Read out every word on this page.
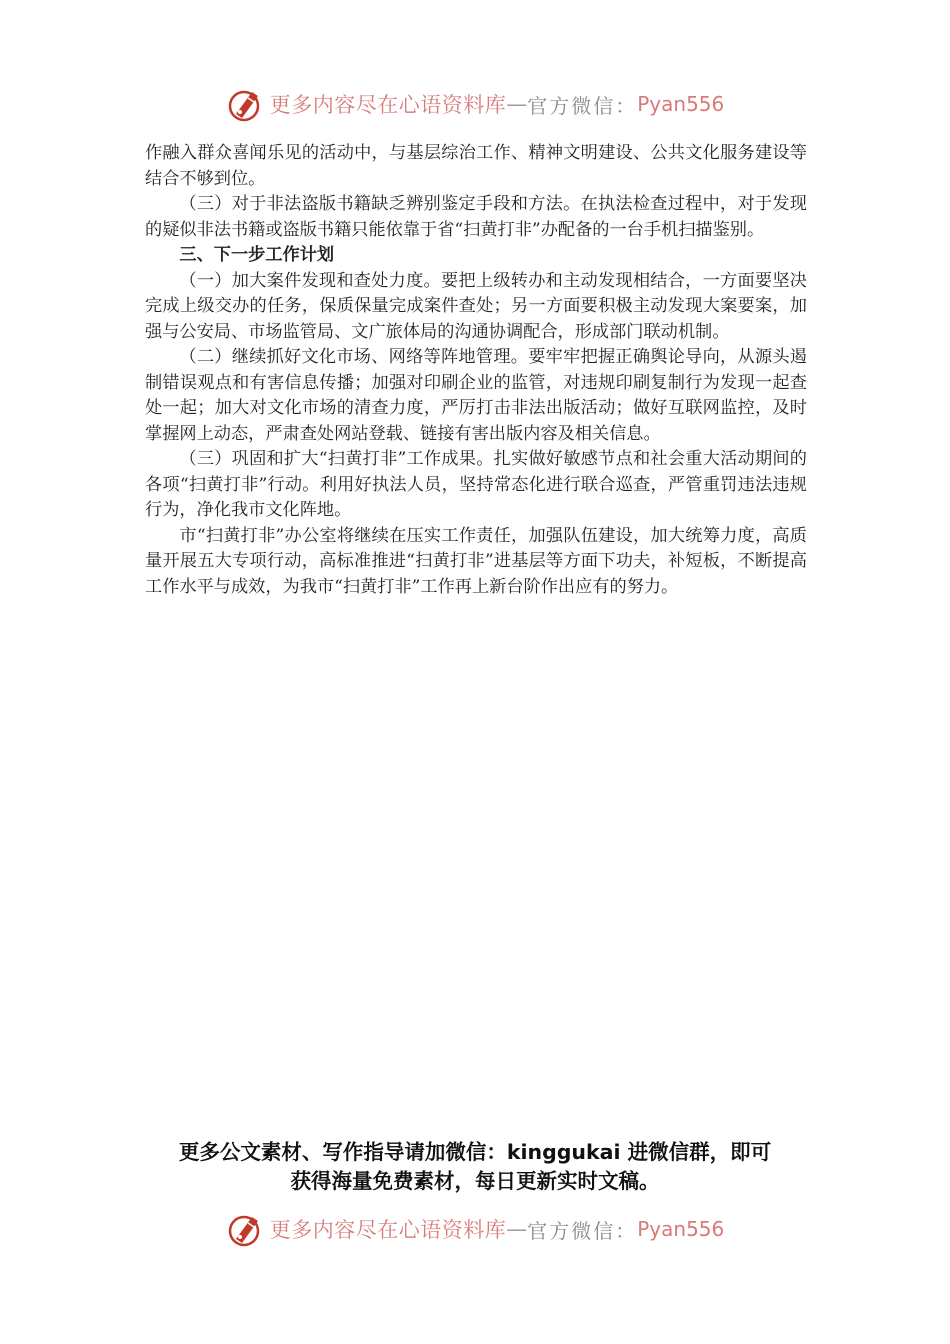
更多内容尽在心语资料库 — 官方微信： Pyan556

作融入群众喜闻乐见的活动中，与基层综治工作、精神文明建设、公共文化服务建设等结合不够到位。

（三）对于非法盗版书籍缺乏辨别鉴定手段和方法。在执法检查过程中，对于发现的疑似非法书籍或盗版书籍只能依靠于省“扫黄打非”办配备的一台手机扫描鉴别。

三、下一步工作计划

（一）加大案件发现和查处力度。要把上级转办和主动发现相结合，一方面要坚决完成上级交办的任务，保质保量完成案件查处；另一方面要积极主动发现大案要案，加强与公安局、市场监管局、文广旅体局的沟通协调配合，形成部门联动机制。

（二）继续抓好文化市场、网络等阵地管理。要牢牢把握正确舆论导向，从源头遏制错误观点和有害信息传播；加强对印刷企业的监管，对违规印刷复制行为发现一起查处一起；加大对文化市场的清查力度，严厉打击非法出版活动；做好互联网监控，及时掌握网上动态，严肃查处网站登载、链接有害出版内容及相关信息。

（三）巩固和扩大“扫黄打非”工作成果。扎实做好敏感节点和社会重大活动期间的各项“扫黄打非”行动。利用好执法人员，坚持常态化进行联合巡查，严管重罚违法违规行为，净化我市文化阵地。

市“扫黄打非”办公室将继续在压实工作责任，加强队伍建设，加大统筹力度，高质量开展五大专项行动，高标准推进“扫黄打非”进基层等方面下功夫，补短板，不断提高工作水平与成效，为我市“扫黄打非”工作再上新台阶作出应有的努力。

更多公文素材、写作指导请加微信：kinggukai 进微信群，即可
获得海量免费素材，每日更新实时文稿。
更多内容尽在心语资料库 — 官方微信： Pyan556
